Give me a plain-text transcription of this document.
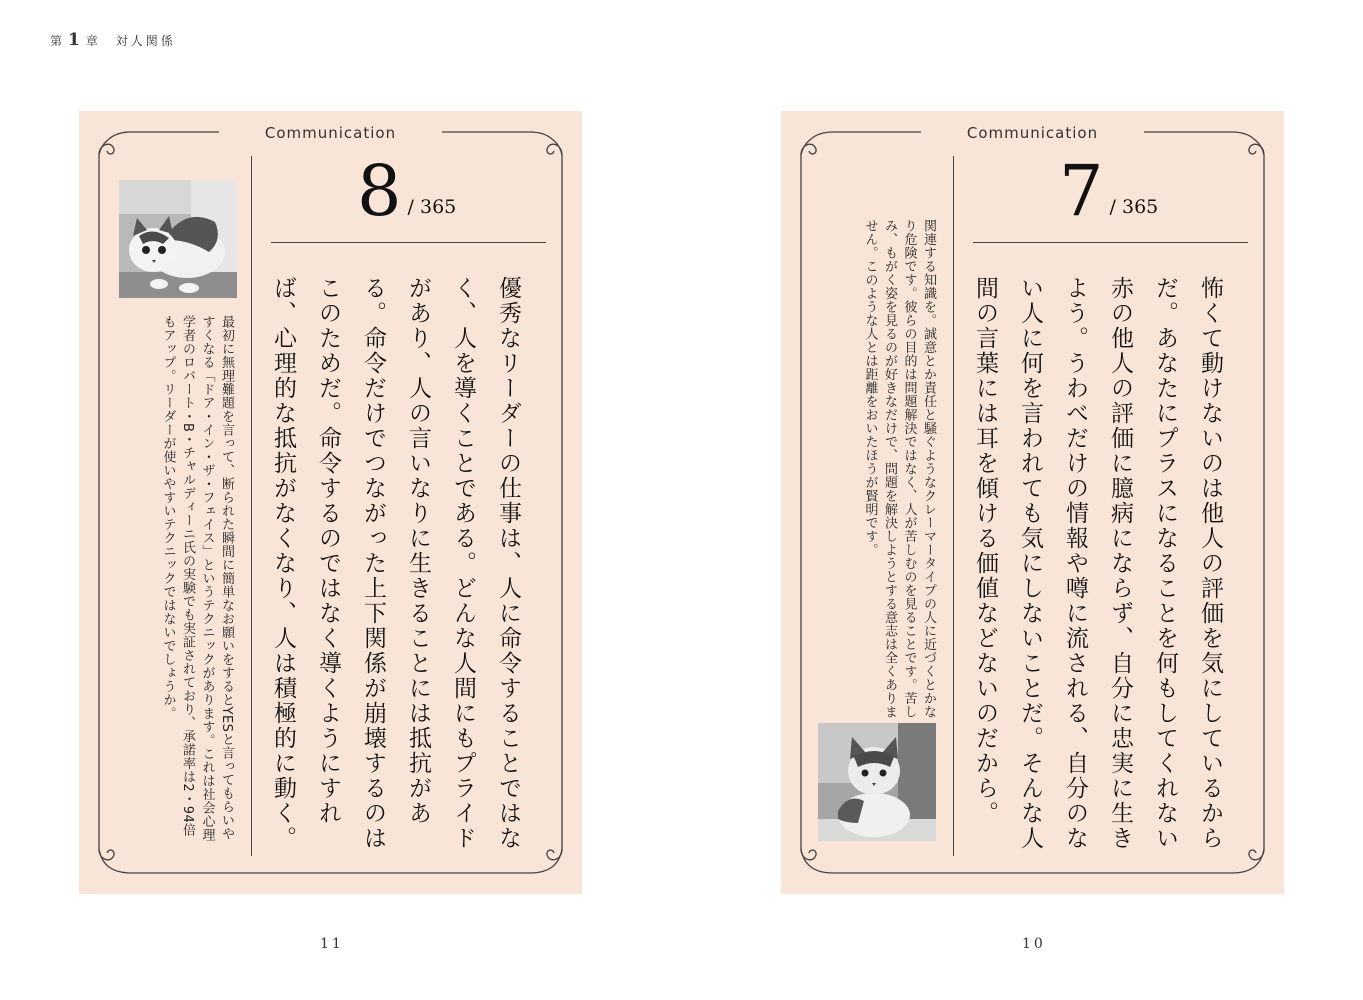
第 1 章 対人関係
Communication
8 / 365
優秀なリーダーの仕事は、人に命令することではなく、人を導くことである。どんな人間にもプライドがあり、人の言いなりに生きることには抵抗がある。命令だけでつながった上下関係が崩壊するのはこのためだ。命令するのではなく導くようにすれば、心理的な抵抗がなくなり、人は積極的に動く。
最初に無理難題を言って、断られた瞬間に簡単なお願いをするとYESと言ってもらいやすくなる「ドア・イン・ザ・フェイス」というテクニックがあります。これは社会心理学者のロバート・B・チャルディーニ氏の実験でも実証されており、承諾率は2・94倍もアップ。リーダーが使いやすいテクニックではないでしょうか。
11
Communication
7 / 365
怖くて動けないのは他人の評価を気にしているからだ。あなたにプラスになることを何もしてくれない赤の他人の評価に臆病にならず、自分に忠実に生きよう。うわべだけの情報や噂に流される、自分のない人に何を言われても気にしないことだ。そんな人間の言葉には耳を傾ける価値などないのだから。
関連する知識を。誠意とか責任と騒ぐようなクレーマータイプの人に近づくとかなり危険です。彼らの目的は問題解決ではなく、人が苦しむのを見ることです。苦しみ、もがく姿を見るのが好きなだけで、問題を解決しようとする意志は全くありません。このような人とは距離をおいたほうが賢明です。
10
